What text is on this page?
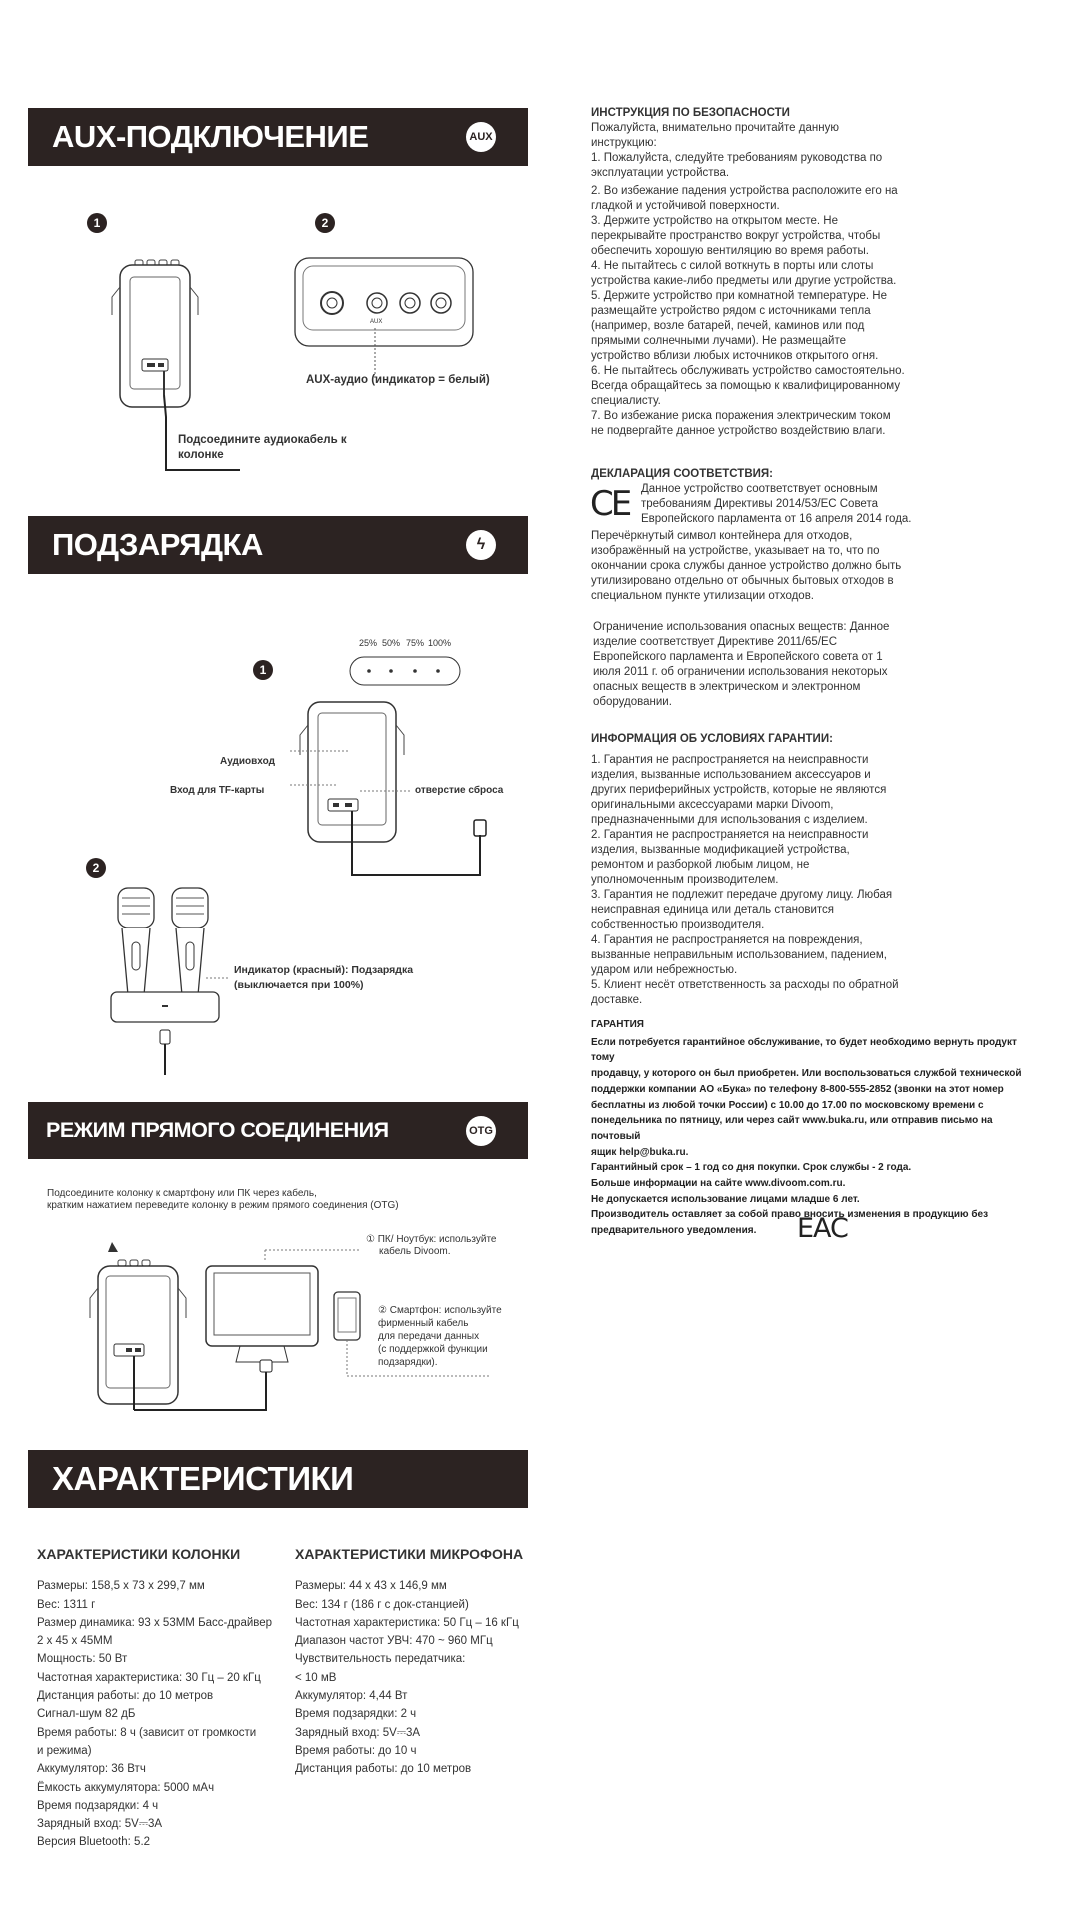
AUX-ПОДКЛЮЧЕНИЕ	AUX
1	2
AUX
AUX-аудио (индикатор = белый)
Подсоедините аудиокабель к
колонке
ПОДЗАРЯДКА	ϟ
1
25% 50% 75% 100%
Аудиовход
Вход для TF-карты	отверстие сброса
2
Индикатор (красный): Подзарядка
(выключается при 100%)
РЕЖИМ ПРЯМОГО СОЕДИНЕНИЯ	OTG
Подсоедините колонку к смартфону или ПК через кабель,
кратким нажатием переведите колонку в режим прямого соединения (OTG)
① ПК/ Ноутбук: используйте
кабель Divoom.
② Смартфон: используйте
фирменный кабель
для передачи данных
(с поддержкой функции
подзарядки).
ХАРАКТЕРИСТИКИ

ХАРАКТЕРИСТИКИ КОЛОНКИ

Размеры: 158,5 x 73 x 299,7 мм

Вес: 1311 г

Размер динамика: 93 х 53ММ Басс-драйвер

2 x 45 x 45ММ

Мощность: 50 Вт

Частотная характеристика: 30 Гц – 20 кГц

Дистанция работы: до 10 метров

Сигнал-шум 82 дБ

Время работы: 8 ч (зависит от громкости

и режима)

Аккумулятор: 36 Втч

Ёмкость аккумулятора: 5000 мАч

Время подзарядки: 4 ч

Зарядный вход: 5V⎓3A

Версия Bluetooth: 5.2

ХАРАКТЕРИСТИКИ МИКРОФОНА

Размеры: 44 x 43 x 146,9 мм

Вес: 134 г (186 г с док-станцией)

Частотная характеристика: 50 Гц – 16 кГц

Диапазон частот УВЧ: 470 ~ 960 МГц

Чувствительность передатчика:

< 10 мВ

Аккумулятор: 4,44 Вт

Время подзарядки: 2 ч

Зарядный вход: 5V⎓3A

Время работы: до 10 ч

Дистанция работы: до 10 метров

ИНСТРУКЦИЯ ПО БЕЗОПАСНОСТИ

Пожалуйста, внимательно прочитайте данную

инструкцию:

1. Пожалуйста, следуйте требованиям руководства по

эксплуатации устройства.

2. Во избежание падения устройства расположите его на

гладкой и устойчивой поверхности.

3. Держите устройство на открытом месте. Не

перекрывайте пространство вокруг устройства, чтобы

обеспечить хорошую вентиляцию во время работы.

4. Не пытайтесь с силой воткнуть в порты или слоты

устройства какие-либо предметы или другие устройства.

5. Держите устройство при комнатной температуре. Не

размещайте устройство рядом с источниками тепла

(например, возле батарей, печей, каминов или под

прямыми солнечными лучами). Не размещайте

устройство вблизи любых источников открытого огня.

6. Не пытайтесь обслуживать устройство самостоятельно.

Всегда обращайтесь за помощью к квалифицированному

специалисту.

7. Во избежание риска поражения электрическим током

не подвергайте данное устройство воздействию влаги.

ДЕКЛАРАЦИЯ СООТВЕТСТВИЯ:
CE Данное устройство соответствует основным

требованиям Директивы 2014/53/ЕС Совета

Европейского парламента от 16 апреля 2014 года.

Перечёркнутый символ контейнера для отходов,

изображённый на устройстве, указывает на то, что по

окончании срока службы данное устройство должно быть

утилизировано отдельно от обычных бытовых отходов в

специальном пункте утилизации отходов.

Ограничение использования опасных веществ: Данное

изделие соответствует Директиве 2011/65/ЕС

Европейского парламента и Европейского совета от 1

июля 2011 г. об ограничении использования некоторых

опасных веществ в электрическом и электронном

оборудовании.

ИНФОРМАЦИЯ ОБ УСЛОВИЯХ ГАРАНТИИ:

1. Гарантия не распространяется на неисправности

изделия, вызванные использованием аксессуаров и

других периферийных устройств, которые не являются

оригинальными аксессуарами марки Divoom,

предназначенными для использования с изделием.

2. Гарантия не распространяется на неисправности

изделия, вызванные модификацией устройства,

ремонтом и разборкой любым лицом, не

уполномоченным производителем.

3. Гарантия не подлежит передаче другому лицу. Любая

неисправная единица или деталь становится

собственностью производителя.

4. Гарантия не распространяется на повреждения,

вызванные неправильным использованием, падением,

ударом или небрежностью.

5. Клиент несёт ответственность за расходы по обратной

доставке.

ГАРАНТИЯ

Если потребуется гарантийное обслуживание, то будет необходимо вернуть продукт тому

продавцу, у которого он был приобретен. Или воспользоваться службой технической

поддержки компании АО «Бука» по телефону 8-800-555-2852 (звонки на этот номер

бесплатны из любой точки России) с 10.00 до 17.00 по московскому времени с

понедельника по пятницу, или через сайт www.buka.ru, или отправив письмо на почтовый

ящик help@buka.ru.

Гарантийный срок – 1 год со дня покупки. Срок службы - 2 года.

Больше информации на сайте www.divoom.com.ru.

Не допускается использование лицами младше 6 лет.

Производитель оставляет за собой право вносить изменения в продукцию без

предварительного уведомления.	EAC
